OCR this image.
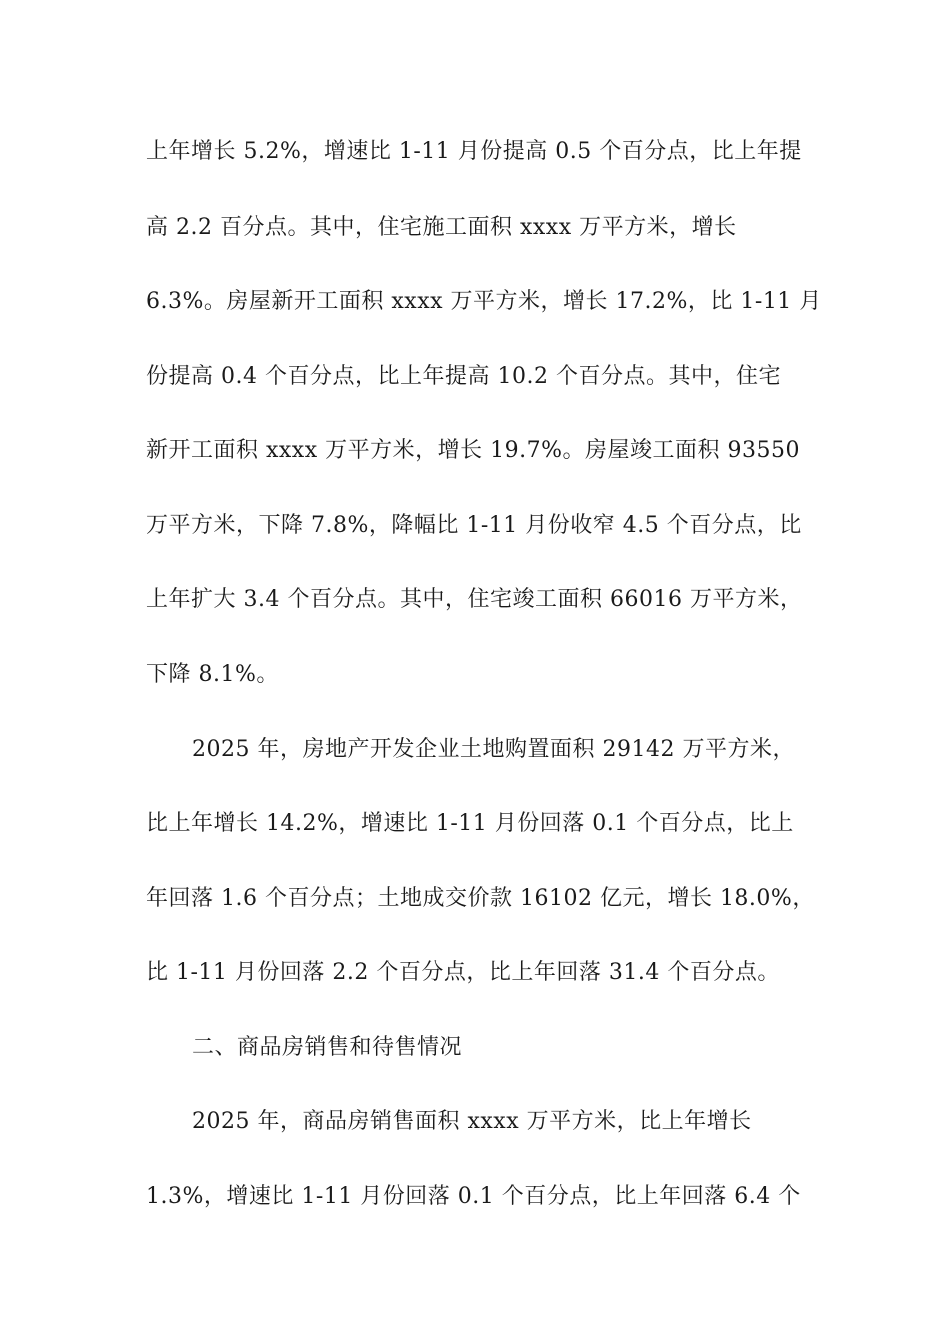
上年增长 5.2%，增速比 1-11 月份提高 0.5 个百分点，比上年提
高 2.2 百分点。其中，住宅施工面积 xxxx 万平方米，增长
6.3%。房屋新开工面积 xxxx 万平方米，增长 17.2%，比 1-11 月
份提高 0.4 个百分点，比上年提高 10.2 个百分点。其中，住宅
新开工面积 xxxx 万平方米，增长 19.7%。房屋竣工面积 93550
万平方米，下降 7.8%，降幅比 1-11 月份收窄 4.5 个百分点，比
上年扩大 3.4 个百分点。其中，住宅竣工面积 66016 万平方米，
下降 8.1%。
2025 年，房地产开发企业土地购置面积 29142 万平方米，
比上年增长 14.2%，增速比 1-11 月份回落 0.1 个百分点，比上
年回落 1.6 个百分点；土地成交价款 16102 亿元，增长 18.0%，
比 1-11 月份回落 2.2 个百分点，比上年回落 31.4 个百分点。
二、商品房销售和待售情况
2025 年，商品房销售面积 xxxx 万平方米，比上年增长
1.3%，增速比 1-11 月份回落 0.1 个百分点，比上年回落 6.4 个
